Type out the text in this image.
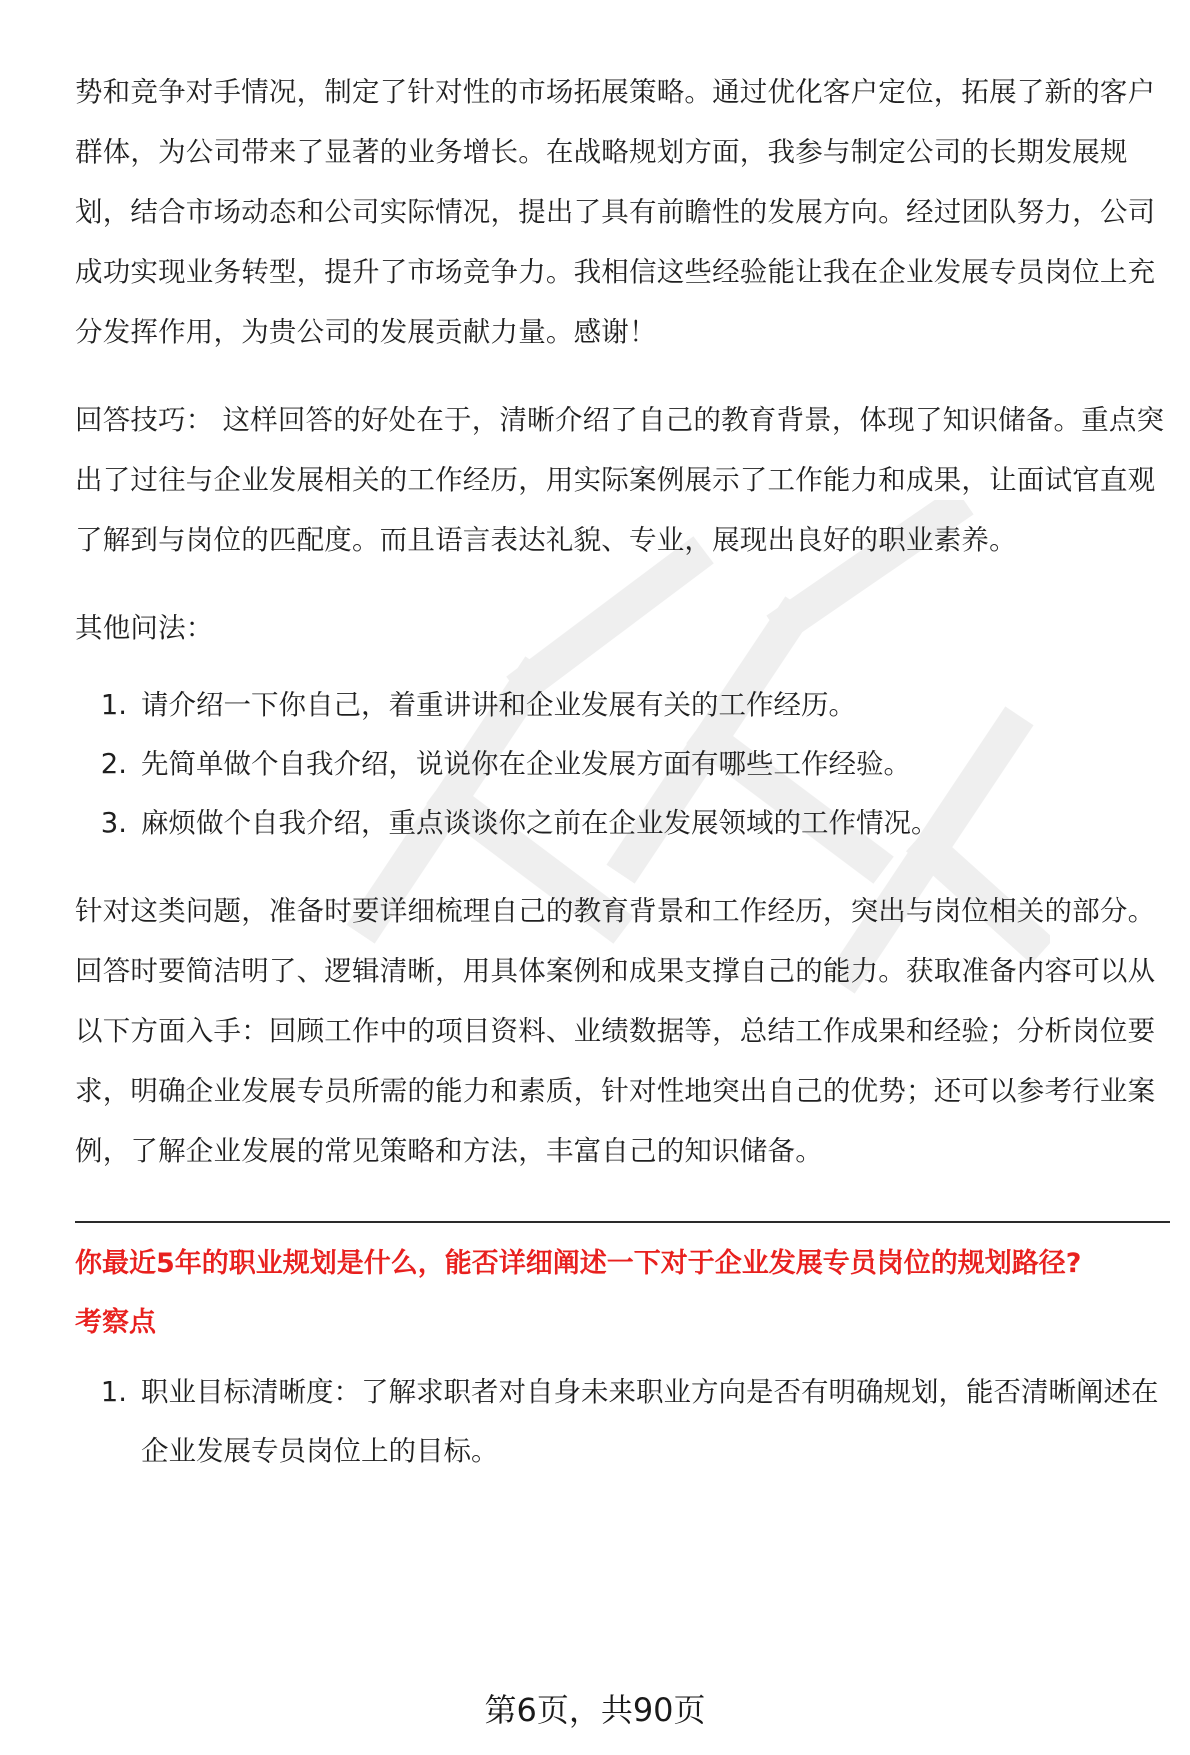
势和竞争对手情况，制定了针对性的市场拓展策略。通过优化客户定位，拓展了新的客户群体，为公司带来了显著的业务增长。在战略规划方面，我参与制定公司的长期发展规划，结合市场动态和公司实际情况，提出了具有前瞻性的发展方向。经过团队努力，公司成功实现业务转型，提升了市场竞争力。我相信这些经验能让我在企业发展专员岗位上充分发挥作用，为贵公司的发展贡献力量。感谢！

回答技巧： 这样回答的好处在于，清晰介绍了自己的教育背景，体现了知识储备。重点突出了过往与企业发展相关的工作经历，用实际案例展示了工作能力和成果，让面试官直观了解到与岗位的匹配度。而且语言表达礼貌、专业，展现出良好的职业素养。

其他问法：

1. 请介绍一下你自己，着重讲讲和企业发展有关的工作经历。
2. 先简单做个自我介绍，说说你在企业发展方面有哪些工作经验。
3. 麻烦做个自我介绍，重点谈谈你之前在企业发展领域的工作情况。

针对这类问题，准备时要详细梳理自己的教育背景和工作经历，突出与岗位相关的部分。回答时要简洁明了、逻辑清晰，用具体案例和成果支撑自己的能力。获取准备内容可以从以下方面入手：回顾工作中的项目资料、业绩数据等，总结工作成果和经验；分析岗位要求，明确企业发展专员所需的能力和素质，针对性地突出自己的优势；还可以参考行业案例，了解企业发展的常见策略和方法，丰富自己的知识储备。

你最近5年的职业规划是什么，能否详细阐述一下对于企业发展专员岗位的规划路径?

考察点

1. 职业目标清晰度：了解求职者对自身未来职业方向是否有明确规划，能否清晰阐述在企业发展专员岗位上的目标。
第6页，共90页
